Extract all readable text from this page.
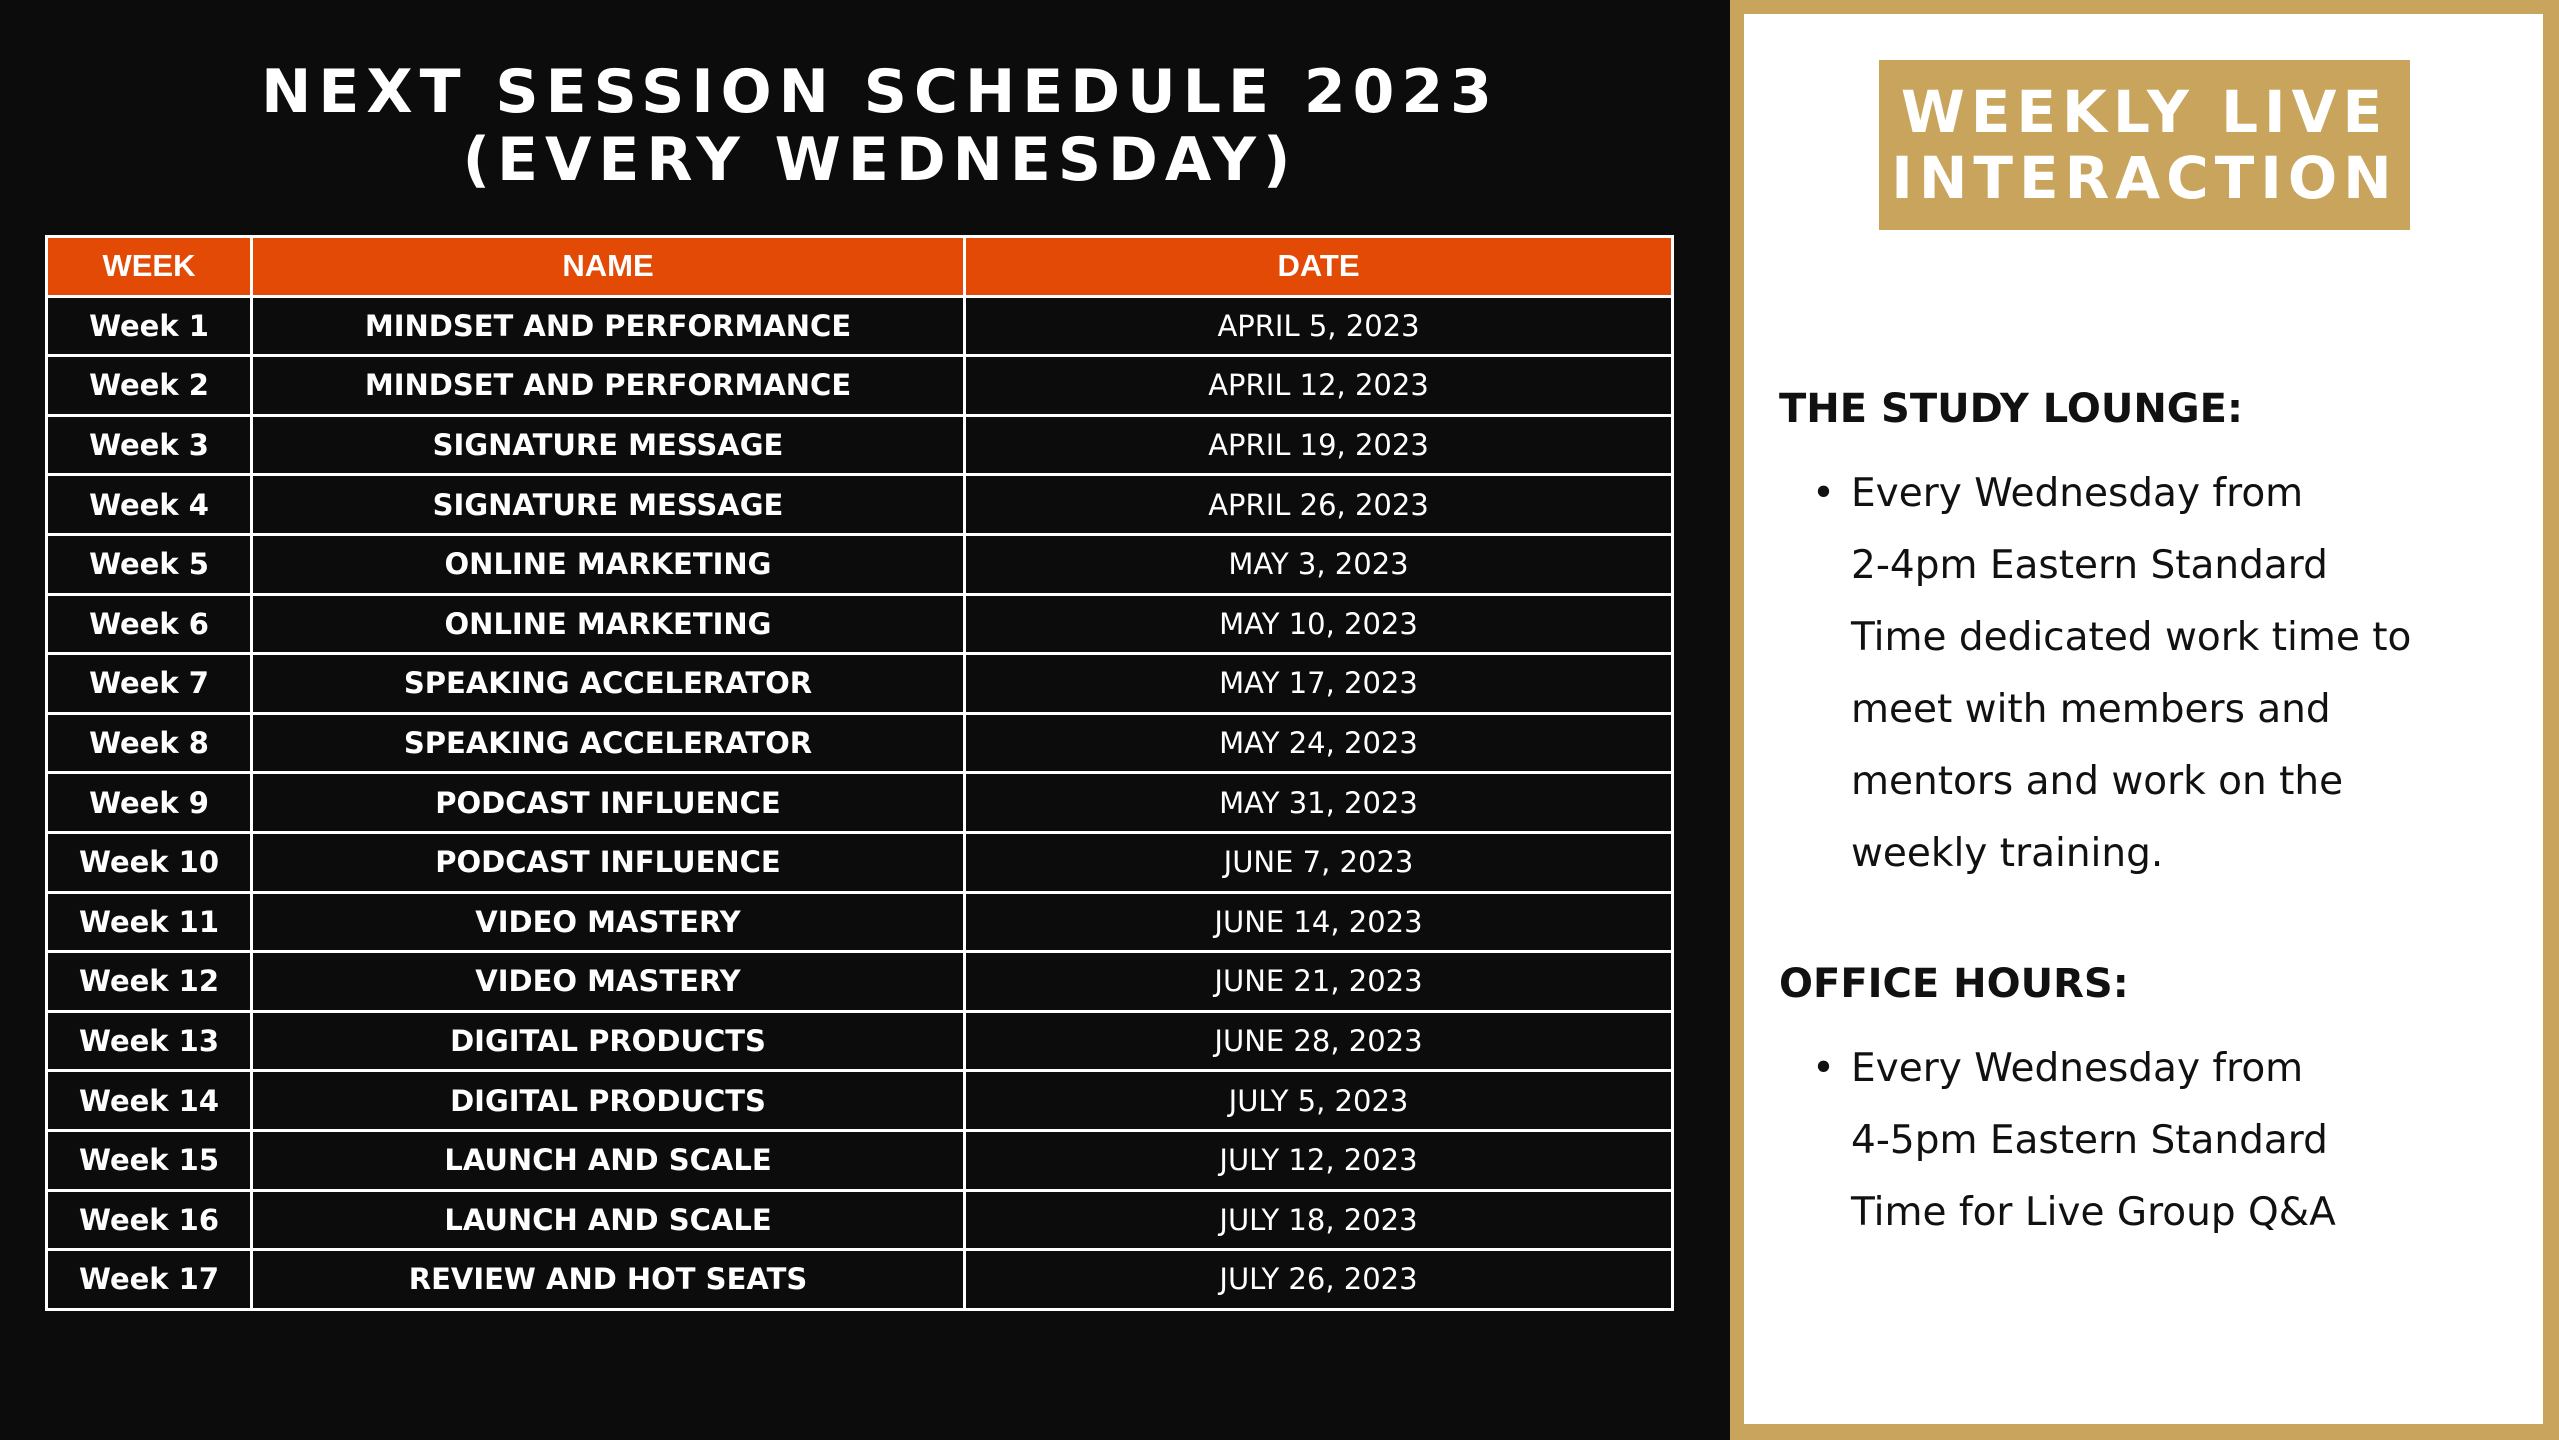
NEXT SESSION SCHEDULE 2023
(EVERY WEDNESDAY)
WEEK	NAME	DATE
Week 1	MINDSET AND PERFORMANCE	APRIL 5, 2023
Week 2	MINDSET AND PERFORMANCE	APRIL 12, 2023
Week 3	SIGNATURE MESSAGE	APRIL 19, 2023
Week 4	SIGNATURE MESSAGE	APRIL 26, 2023
Week 5	ONLINE MARKETING	MAY 3, 2023
Week 6	ONLINE MARKETING	MAY 10, 2023
Week 7	SPEAKING ACCELERATOR	MAY 17, 2023
Week 8	SPEAKING ACCELERATOR	MAY 24, 2023
Week 9	PODCAST INFLUENCE	MAY 31, 2023
Week 10	PODCAST INFLUENCE	JUNE 7, 2023
Week 11	VIDEO MASTERY	JUNE 14, 2023
Week 12	VIDEO MASTERY	JUNE 21, 2023
Week 13	DIGITAL PRODUCTS	JUNE 28, 2023
Week 14	DIGITAL PRODUCTS	JULY 5, 2023
Week 15	LAUNCH AND SCALE	JULY 12, 2023
Week 16	LAUNCH AND SCALE	JULY 18, 2023
Week 17	REVIEW AND HOT SEATS	JULY 26, 2023
WEEKLY LIVE
INTERACTION
THE STUDY LOUNGE:
• Every Wednesday from
2-4pm Eastern Standard
Time dedicated work time to
meet with members and
mentors and work on the
weekly training.
OFFICE HOURS:
• Every Wednesday from
4-5pm Eastern Standard
Time for Live Group Q&A
